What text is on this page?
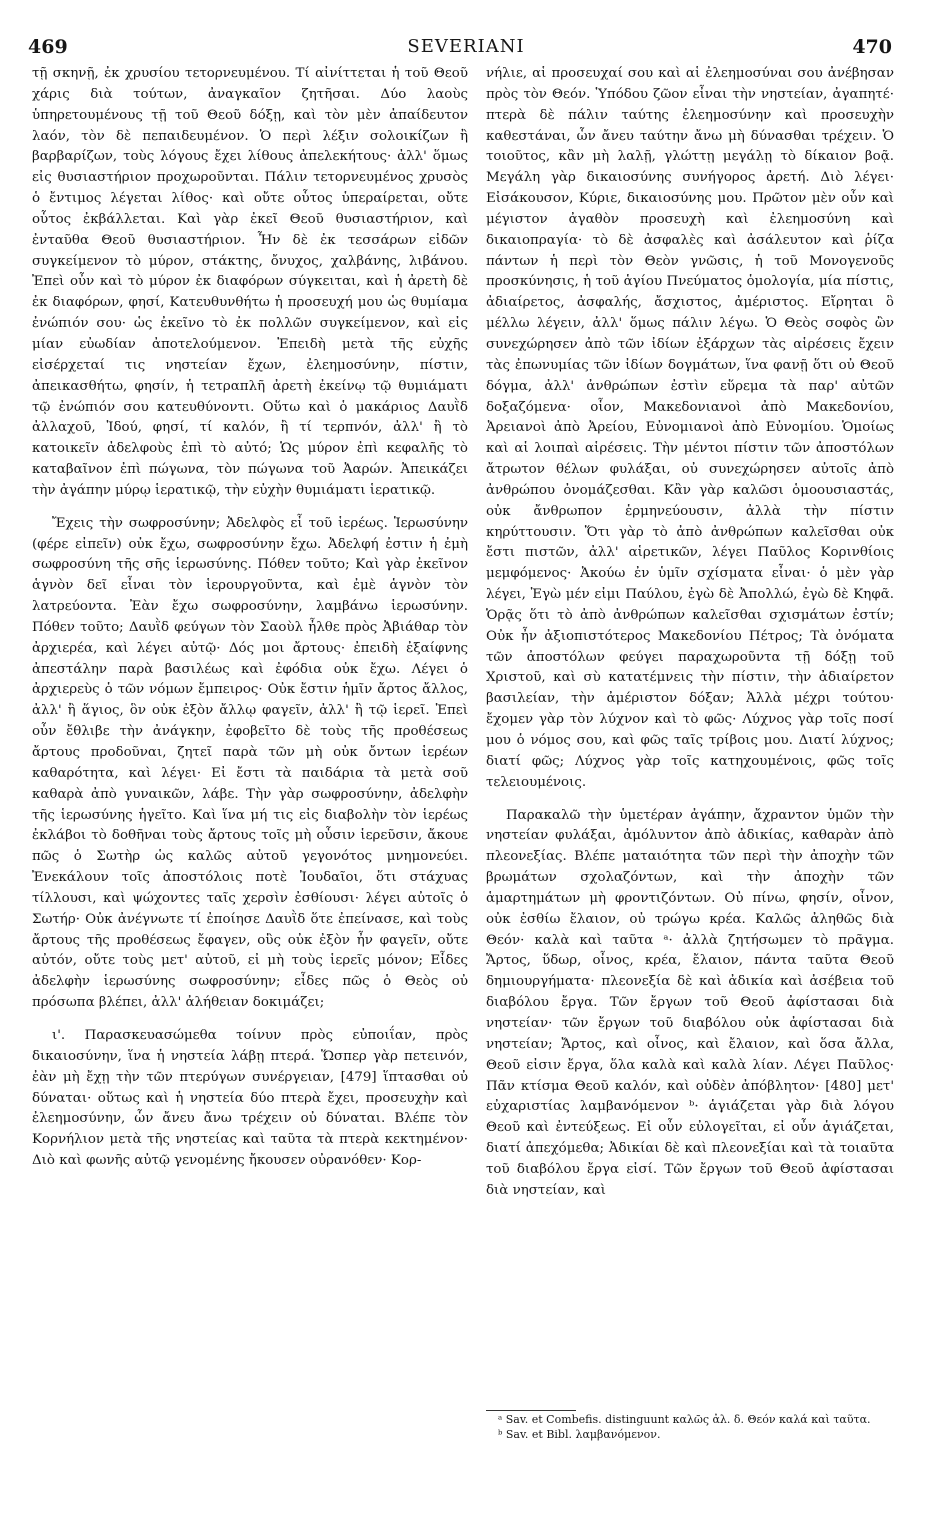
469	SEVERIANI	470

τῇ σκηνῇ, ἐκ χρυσίου τετορνευμένου. Τί αἰνίττεται ἡ τοῦ Θεοῦ χάρις διὰ τούτων, ἀναγκαῖον ζητῆσαι. Δύο λαοὺς ὑπηρετουμένους τῇ τοῦ Θεοῦ δόξῃ, καὶ τὸν μὲν ἀπαίδευτον λαόν, τὸν δὲ πεπαιδευμένον. Ὁ περὶ λέξιν σολοικίζων ἢ βαρβαρίζων, τοὺς λόγους ἔχει λίθους ἀπελεκήτους· ἀλλ' ὅμως εἰς θυσιαστήριον προχωροῦνται. Πάλιν τετορνευμένος χρυσὸς ὁ ἔντιμος λέγεται λίθος· καὶ οὔτε οὗτος ὑπεραίρεται, οὔτε οὗτος ἐκβάλλεται. Καὶ γὰρ ἐκεῖ Θεοῦ θυσιαστήριον, καὶ ἐνταῦθα Θεοῦ θυσιαστήριον. Ἦν δὲ ἐκ τεσσάρων εἰδῶν συγκείμενον τὸ μύρον, στάκτης, ὄνυχος, χαλβάνης, λιβάνου. Ἐπεὶ οὖν καὶ τὸ μύρον ἐκ διαφόρων σύγκειται, καὶ ἡ ἀρετὴ δὲ ἐκ διαφόρων, φησί, Κατευθυνθήτω ἡ προσευχή μου ὡς θυμίαμα ἐνώπιόν σου· ὡς ἐκεῖνο τὸ ἐκ πολλῶν συγκείμενον, καὶ εἰς μίαν εὐωδίαν ἀποτελούμενον. Ἐπειδὴ μετὰ τῆς εὐχῆς εἰσέρχεταί τις νηστείαν ἔχων, ἐλεημοσύνην, πίστιν, ἀπεικασθήτω, φησίν, ἡ τετραπλῆ ἀρετὴ ἐκείνῳ τῷ θυμιάματι τῷ ἐνώπιόν σου κατευθύνοντι. Οὕτω καὶ ὁ μακάριος Δαυῒδ ἀλλαχοῦ, Ἰδού, φησί, τί καλόν, ἢ τί τερπνόν, ἀλλ' ἢ τὸ κατοικεῖν ἀδελφοὺς ἐπὶ τὸ αὐτό; Ὡς μύρον ἐπὶ κεφαλῆς τὸ καταβαῖνον ἐπὶ πώγωνα, τὸν πώγωνα τοῦ Ἀαρών. Ἀπεικάζει τὴν ἀγάπην μύρῳ ἱερατικῷ, τὴν εὐχὴν θυμιάματι ἱερατικῷ.

Ἔχεις τὴν σωφροσύνην; Ἀδελφὸς εἶ τοῦ ἱερέως. Ἱερωσύνην (φέρε εἰπεῖν) οὐκ ἔχω, σωφροσύνην ἔχω. Ἀδελφή ἐστιν ἡ ἐμὴ σωφροσύνη τῆς σῆς ἱερωσύνης. Πόθεν τοῦτο; Καὶ γὰρ ἐκεῖνον ἁγνὸν δεῖ εἶναι τὸν ἱερουργοῦντα, καὶ ἐμὲ ἁγνὸν τὸν λατρεύοντα. Ἐὰν ἔχω σωφροσύνην, λαμβάνω ἱερωσύνην. Πόθεν τοῦτο; Δαυῒδ φεύγων τὸν Σαοὺλ ἦλθε πρὸς Ἀβιάθαρ τὸν ἀρχιερέα, καὶ λέγει αὐτῷ· Δός μοι ἄρτους· ἐπειδὴ ἐξαίφνης ἀπεστάλην παρὰ βασιλέως καὶ ἐφόδια οὐκ ἔχω. Λέγει ὁ ἀρχιερεὺς ὁ τῶν νόμων ἔμπειρος· Οὐκ ἔστιν ἡμῖν ἄρτος ἄλλος, ἀλλ' ἢ ἅγιος, ὃν οὐκ ἐξὸν ἄλλῳ φαγεῖν, ἀλλ' ἢ τῷ ἱερεῖ. Ἐπεὶ οὖν ἔθλιβε τὴν ἀνάγκην, ἐφοβεῖτο δὲ τοὺς τῆς προθέσεως ἄρτους προδοῦναι, ζητεῖ παρὰ τῶν μὴ οὐκ ὄντων ἱερέων καθαρότητα, καὶ λέγει· Εἰ ἔστι τὰ παιδάρια τὰ μετὰ σοῦ καθαρὰ ἀπὸ γυναικῶν, λάβε. Τὴν γὰρ σωφροσύνην, ἀδελφὴν τῆς ἱερωσύνης ἡγεῖτο. Καὶ ἵνα μή τις εἰς διαβολὴν τὸν ἱερέως ἐκλάβοι τὸ δοθῆναι τοὺς ἄρτους τοῖς μὴ οὖσιν ἱερεῦσιν, ἄκουε πῶς ὁ Σωτὴρ ὡς καλῶς αὐτοῦ γεγονότος μνημονεύει. Ἐνεκάλουν τοῖς ἀποστόλοις ποτὲ Ἰουδαῖοι, ὅτι στάχυας τίλλουσι, καὶ ψώχοντες ταῖς χερσὶν ἐσθίουσι· λέγει αὐτοῖς ὁ Σωτήρ· Οὐκ ἀνέγνωτε τί ἐποίησε Δαυῒδ ὅτε ἐπείνασε, καὶ τοὺς ἄρτους τῆς προθέσεως ἔφαγεν, οὓς οὐκ ἐξὸν ἦν φαγεῖν, οὔτε αὐτόν, οὔτε τοὺς μετ' αὐτοῦ, εἰ μὴ τοὺς ἱερεῖς μόνον; Εἶδες ἀδελφὴν ἱερωσύνης σωφροσύνην; εἶδες πῶς ὁ Θεὸς οὐ πρόσωπα βλέπει, ἀλλ' ἀλήθειαν δοκιμάζει;

ι'. Παρασκευασώμεθα τοίνυν πρὸς εὐποιΐαν, πρὸς δικαιοσύνην, ἵνα ἡ νηστεία λάβῃ πτερά. Ὥσπερ γὰρ πετεινόν, ἐὰν μὴ ἔχῃ τὴν τῶν πτερύγων συνέργειαν, [479] ἵπτασθαι οὐ δύναται· οὕτως καὶ ἡ νηστεία δύο πτερὰ ἔχει, προσευχὴν καὶ ἐλεημοσύνην, ὧν ἄνευ ἄνω τρέχειν οὐ δύναται. Βλέπε τὸν Κορνήλιον μετὰ τῆς νηστείας καὶ ταῦτα τὰ πτερὰ κεκτημένον· Διὸ καὶ φωνῆς αὐτῷ γενομένης ἤκουσεν οὐρανόθεν· Κορ-

νήλιε, αἱ προσευχαί σου καὶ αἱ ἐλεημοσύναι σου ἀνέβησαν πρὸς τὸν Θεόν. Ὑπόδου ζῶον εἶναι τὴν νηστείαν, ἀγαπητέ· πτερὰ δὲ πάλιν ταύτης ἐλεημοσύνην καὶ προσευχὴν καθεστάναι, ὧν ἄνευ ταύτην ἄνω μὴ δύνασθαι τρέχειν. Ὁ τοιοῦτος, κἂν μὴ λαλῇ, γλώττῃ μεγάλῃ τὸ δίκαιον βοᾷ. Μεγάλη γὰρ δικαιοσύνης συνήγορος ἀρετή. Διὸ λέγει· Εἰσάκουσον, Κύριε, δικαιοσύνης μου. Πρῶτον μὲν οὖν καὶ μέγιστον ἀγαθὸν προσευχὴ καὶ ἐλεημοσύνη καὶ δικαιοπραγία· τὸ δὲ ἀσφαλὲς καὶ ἀσάλευτον καὶ ῥίζα πάντων ἡ περὶ τὸν Θεὸν γνῶσις, ἡ τοῦ Μονογενοῦς προσκύνησις, ἡ τοῦ ἁγίου Πνεύματος ὁμολογία, μία πίστις, ἀδιαίρετος, ἀσφαλής, ἄσχιστος, ἀμέριστος. Εἴρηται ὃ μέλλω λέγειν, ἀλλ' ὅμως πάλιν λέγω. Ὁ Θεὸς σοφὸς ὢν συνεχώρησεν ἀπὸ τῶν ἰδίων ἐξάρχων τὰς αἱρέσεις ἔχειν τὰς ἐπωνυμίας τῶν ἰδίων δογμάτων, ἵνα φανῇ ὅτι οὐ Θεοῦ δόγμα, ἀλλ' ἀνθρώπων ἐστὶν εὕρεμα τὰ παρ' αὐτῶν δοξαζόμενα· οἷον, Μακεδονιανοὶ ἀπὸ Μακεδονίου, Ἀρειανοὶ ἀπὸ Ἀρείου, Εὐνομιανοὶ ἀπὸ Εὐνομίου. Ὁμοίως καὶ αἱ λοιπαὶ αἱρέσεις. Τὴν μέντοι πίστιν τῶν ἀποστόλων ἄτρωτον θέλων φυλάξαι, οὐ συνεχώρησεν αὐτοῖς ἀπὸ ἀνθρώπου ὀνομάζεσθαι. Κἂν γὰρ καλῶσι ὁμοουσιαστάς, οὐκ ἄνθρωπον ἑρμηνεύουσιν, ἀλλὰ τὴν πίστιν κηρύττουσιν. Ὅτι γὰρ τὸ ἀπὸ ἀνθρώπων καλεῖσθαι οὐκ ἔστι πιστῶν, ἀλλ' αἱρετικῶν, λέγει Παῦλος Κορινθίοις μεμφόμενος· Ἀκούω ἐν ὑμῖν σχίσματα εἶναι· ὁ μὲν γὰρ λέγει, Ἐγὼ μέν εἰμι Παύλου, ἐγὼ δὲ Ἀπολλώ, ἐγὼ δὲ Κηφᾶ. Ὁρᾷς ὅτι τὸ ἀπὸ ἀνθρώπων καλεῖσθαι σχισμάτων ἐστίν; Οὐκ ἦν ἀξιοπιστότερος Μακεδονίου Πέτρος; Τὰ ὀνόματα τῶν ἀποστόλων φεύγει παραχωροῦντα τῇ δόξῃ τοῦ Χριστοῦ, καὶ σὺ κατατέμνεις τὴν πίστιν, τὴν ἀδιαίρετον βασιλείαν, τὴν ἀμέριστον δόξαν; Ἀλλὰ μέχρι τούτου· ἔχομεν γὰρ τὸν λύχνον καὶ τὸ φῶς· Λύχνος γὰρ τοῖς ποσί μου ὁ νόμος σου, καὶ φῶς ταῖς τρίβοις μου. Διατί λύχνος; διατί φῶς; Λύχνος γὰρ τοῖς κατηχουμένοις, φῶς τοῖς τελειουμένοις.

Παρακαλῶ τὴν ὑμετέραν ἀγάπην, ἄχραντον ὑμῶν τὴν νηστείαν φυλάξαι, ἀμόλυντον ἀπὸ ἀδικίας, καθαρὰν ἀπὸ πλεονεξίας. Βλέπε ματαιότητα τῶν περὶ τὴν ἀποχὴν τῶν βρωμάτων σχολαζόντων, καὶ τὴν ἀποχὴν τῶν ἁμαρτημάτων μὴ φροντιζόντων. Οὐ πίνω, φησίν, οἶνον, οὐκ ἐσθίω ἔλαιον, οὐ τρώγω κρέα. Καλῶς ἀληθῶς διὰ Θεόν· καλὰ καὶ ταῦτα ᵃ· ἀλλὰ ζητήσωμεν τὸ πρᾶγμα. Ἄρτος, ὕδωρ, οἶνος, κρέα, ἔλαιον, πάντα ταῦτα Θεοῦ δημιουργήματα· πλεονεξία δὲ καὶ ἀδικία καὶ ἀσέβεια τοῦ διαβόλου ἔργα. Τῶν ἔργων τοῦ Θεοῦ ἀφίστασαι διὰ νηστείαν· τῶν ἔργων τοῦ διαβόλου οὐκ ἀφίστασαι διὰ νηστείαν; Ἄρτος, καὶ οἶνος, καὶ ἔλαιον, καὶ ὅσα ἄλλα, Θεοῦ εἰσιν ἔργα, ὅλα καλὰ καὶ καλὰ λίαν. Λέγει Παῦλος· Πᾶν κτίσμα Θεοῦ καλόν, καὶ οὐδὲν ἀπόβλητον· [480] μετ' εὐχαριστίας λαμβανόμενον ᵇ· ἁγιάζεται γὰρ διὰ λόγου Θεοῦ καὶ ἐντεύξεως. Εἰ οὖν εὐλογεῖται, εἰ οὖν ἁγιάζεται, διατί ἀπεχόμεθα; Ἀδικίαι δὲ καὶ πλεονεξίαι καὶ τὰ τοιαῦτα τοῦ διαβόλου ἔργα εἰσί. Τῶν ἔργων τοῦ Θεοῦ ἀφίστασαι διὰ νηστείαν, καὶ

ᵃ Sav. et Combefis. distinguunt καλῶς ἀλ. δ. Θεόν καλά καὶ ταῦτα.

ᵇ Sav. et Bibl. λαμβανόμενον.
